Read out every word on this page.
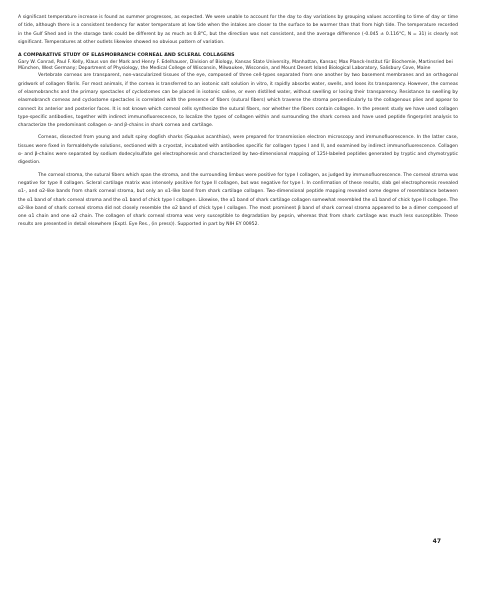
A significant temperature increase is found as summer progresses, as expected. We were unable to account for the day to day variations by grouping values according to time of day or time of tide, although there is a consistent tendency for water temperature at low tide when the intakes are closer to the surface to be warmer than that from high tide. The temperature recorded in the Gulf Shed and in the storage tank could be different by as much as 0.8°C, but the direction was not consistent, and the average difference (-0.045 ± 0.116°C, N = 31) is clearly not significant. Temperatures at other outlets likewise showed no obvious pattern of variation.

A COMPARATIVE STUDY OF ELASMOBRANCH CORNEAL AND SCLERAL COLLAGENS

Gary W. Conrad, Paul F. Kelly, Klaus von der Mark and Henry F. Edelhauser, Division of Biology, Kansas State University, Manhattan, Kansas; Max Planck-Institut für Biochemie, Martinsried bei München, West Germany; Department of Physiology, the Medical College of Wisconsin, Milwaukee, Wisconsin, and Mount Desert Island Biological Laboratory, Salisbury Cove, Maine

Vertebrate corneas are transparent, non-vascularized tissues of the eye, composed of three cell-types separated from one another by two basement membranes and an orthogonal gridwork of collagen fibrils. For most animals, if the cornea is transferred to an isotonic salt solution in vitro, it rapidly absorbs water, swells, and loses its transparency. However, the corneas of elasmobranchs and the primary spectacles of cyclostomes can be placed in isotonic saline, or even distilled water, without swelling or losing their transparency. Resistance to swelling by elasmobranch corneas and cyclostome spectacles is correlated with the presence of fibers (sutural fibers) which traverse the stroma perpendicularly to the collagenous plies and appear to connect its anterior and posterior faces. It is not known which corneal cells synthesize the sutural fibers, nor whether the fibers contain collagen. In the present study we have used collagen type-specific antibodies, together with indirect immunofluorescence, to localize the types of collagen within and surrounding the shark cornea and have used peptide fingerprint analysis to characterize the predominant collagen α- and β-chains in shark cornea and cartilage.

Corneas, dissected from young and adult spiny dogfish sharks (Squalus acanthias), were prepared for transmission electron microscopy and immunofluorescence. In the latter case, tissues were fixed in formaldehyde solutions, sectioned with a cryostat, incubated with antibodies specific for collagen types I and II, and examined by indirect immunofluorescence. Collagen α- and β-chains were separated by sodium dodecylsulfate gel electrophoresis and characterized by two-dimensional mapping of 125I-labeled peptides generated by tryptic and chymotryptic digestion.

The corneal stroma, the sutural fibers which span the stroma, and the surrounding limbus were positive for type I collagen, as judged by immunofluorescence. The corneal stroma was negative for type II collagen. Scleral cartilage matrix was intensely positive for type II collagen, but was negative for type I. In confirmation of these results, slab gel electrophoresis revealed α1-, and α2-like bands from shark corneal stroma, but only an α1-like band from shark cartilage collagen. Two-dimensional peptide mapping revealed some degree of resemblance between the α1 band of shark corneal stroma and the α1 band of chick type I collagen. Likewise, the α1 band of shark cartilage collagen somewhat resembled the α1 band of chick type II collagen. The α2-like band of shark corneal stroma did not closely resemble the α2 band of chick type I collagen. The most prominent β band of shark corneal stroma appeared to be a dimer composed of one α1 chain and one α2 chain. The collagen of shark corneal stroma was very susceptible to degradation by pepsin, whereas that from shark cartilage was much less susceptible. These results are presented in detail elsewhere (Exptl. Eye Res., (in press)). Supported in part by NIH EY 00952.

47
